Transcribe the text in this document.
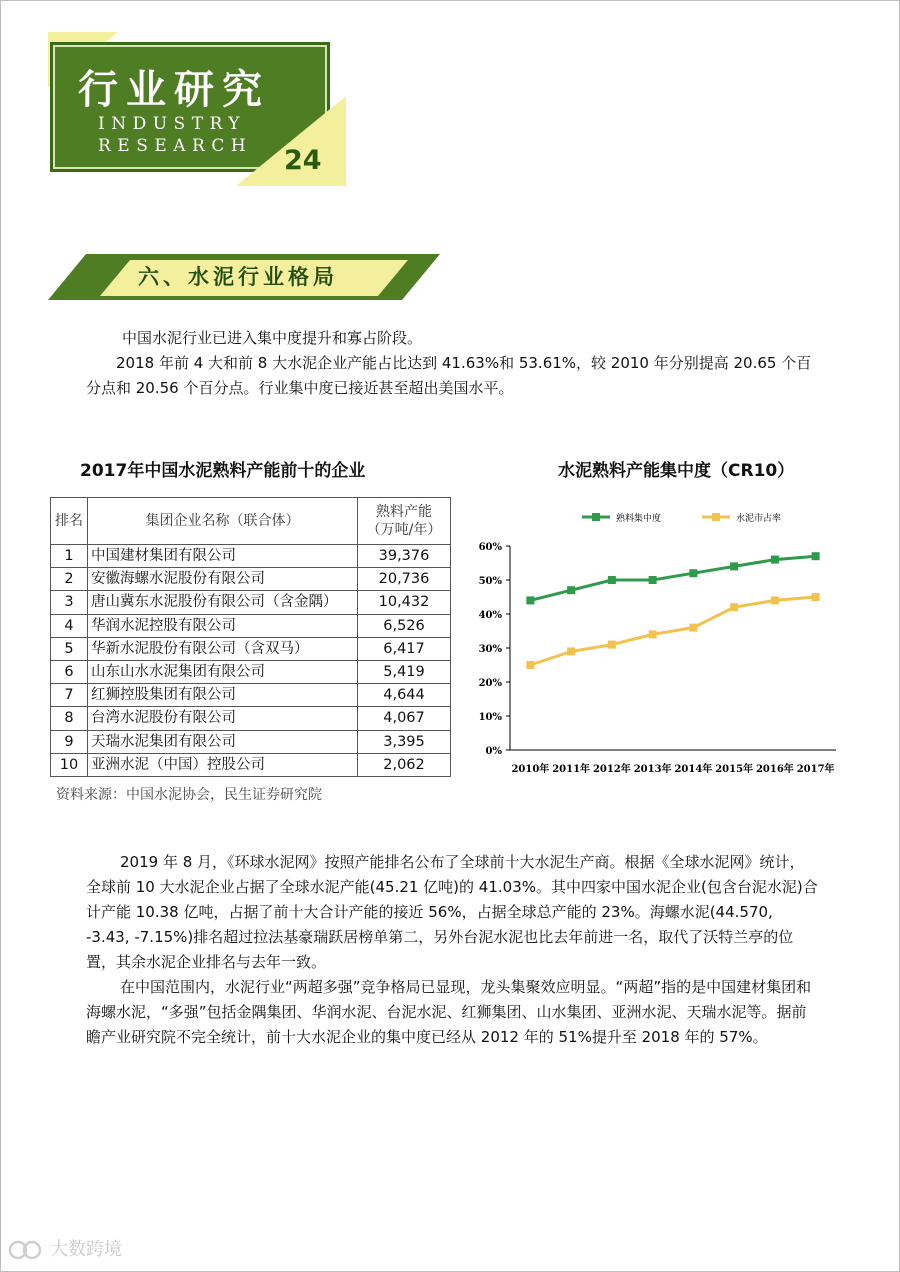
行业研究
INDUSTRY
RESEARCH 24
六、水泥行业格局

中国水泥行业已进入集中度提升和寡占阶段。

2018 年前 4 大和前 8 大水泥企业产能占比达到 41.63%和 53.61%，较 2010 年分别提高 20.65 个百分点和 20.56 个百分点。行业集中度已接近甚至超出美国水平。

2017年中国水泥熟料产能前十的企业
排名	集团企业名称（联合体）	熟料产能
（万吨/年）
1	中国建材集团有限公司	39,376
2	安徽海螺水泥股份有限公司	20,736
3	唐山冀东水泥股份有限公司（含金隅）	10,432
4	华润水泥控股有限公司	6,526
5	华新水泥股份有限公司（含双马）	6,417
6	山东山水水泥集团有限公司	5,419
7	红狮控股集团有限公司	4,644
8	台湾水泥股份有限公司	4,067
9	天瑞水泥集团有限公司	3,395
10	亚洲水泥（中国）控股公司	2,062
资料来源：中国水泥协会，民生证券研究院
水泥熟料产能集中度（CR10）
0%
10%
20%
30%
40%
50%
60%
2010年 2011年 2012年 2013年 2014年 2015年 2016年 2017年
熟料集中度	水泥市占率

2019 年 8 月，《环球水泥网》按照产能排名公布了全球前十大水泥生产商。根据《全球水泥网》统计，全球前 10 大水泥企业占据了全球水泥产能(45.21 亿吨)的 41.03%。其中四家中国水泥企业(包含台泥水泥)合计产能 10.38 亿吨，占据了前十大合计产能的接近 56%，占据全球总产能的 23%。海螺水泥(44.570, -3.43, -7.15%)排名超过拉法基豪瑞跃居榜单第二，另外台泥水泥也比去年前进一名，取代了沃特兰亭的位置，其余水泥企业排名与去年一致。

在中国范围内，水泥行业“两超多强”竞争格局已显现，龙头集聚效应明显。“两超”指的是中国建材集团和海螺水泥，“多强”包括金隅集团、华润水泥、台泥水泥、红狮集团、山水集团、亚洲水泥、天瑞水泥等。据前瞻产业研究院不完全统计，前十大水泥企业的集中度已经从 2012 年的 51%提升至 2018 年的 57%。

大数跨境
